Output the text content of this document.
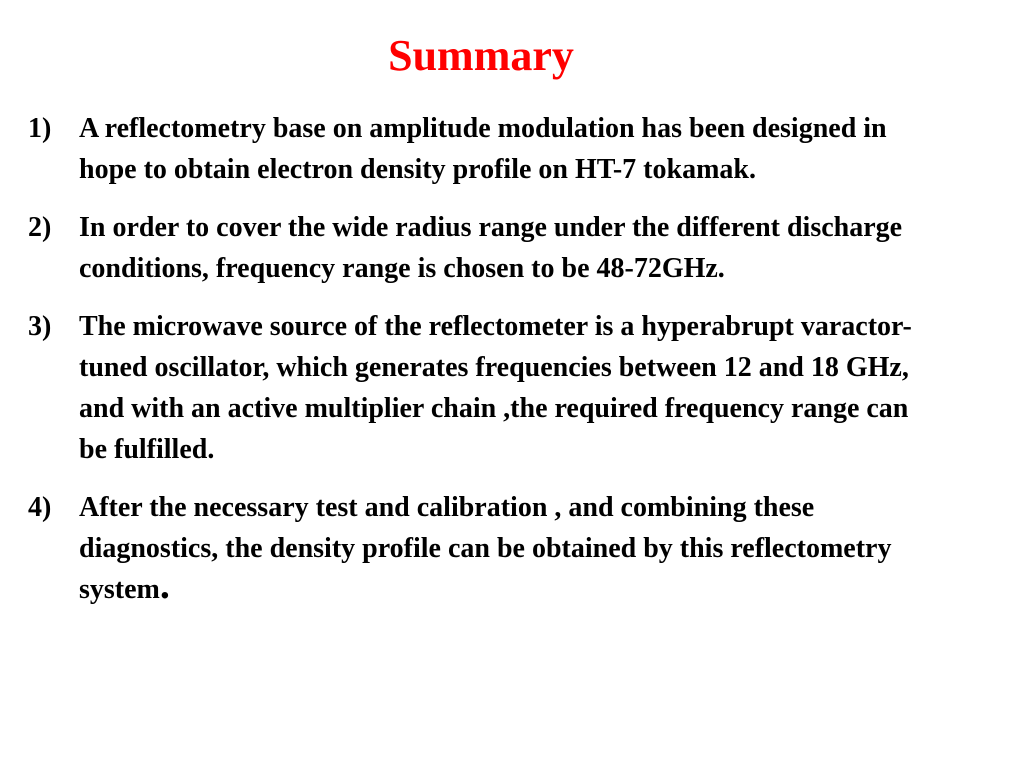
Summary
1) A reflectometry base on amplitude modulation has been designed in hope to obtain electron density profile on HT-7 tokamak.
2) In order to cover the wide radius range under the different discharge conditions, frequency range is chosen to be 48-72GHz.
3) The microwave source of the reflectometer is a hyperabrupt varactor-tuned oscillator, which generates frequencies between 12 and 18 GHz, and with an active multiplier chain ,the required frequency range can be fulfilled.
4) After the necessary test and calibration , and combining these diagnostics, the density profile can be obtained by this reflectometry system.
